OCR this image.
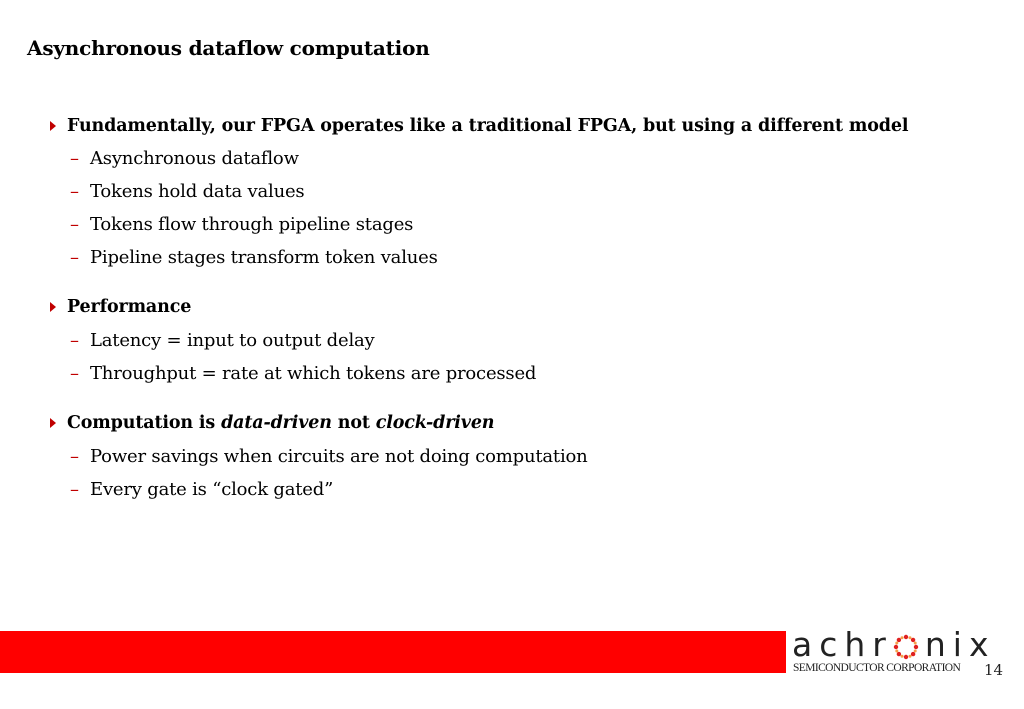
Asynchronous dataflow computation
Fundamentally, our FPGA operates like a traditional FPGA, but using a different model
– Asynchronous dataflow
– Tokens hold data values
– Tokens flow through pipeline stages
– Pipeline stages transform token values
Performance
– Latency = input to output delay
– Throughput = rate at which tokens are processed
Computation is data-driven not clock-driven
– Power savings when circuits are not doing computation
– Every gate is “clock gated”
achr nix
SEMICONDUCTOR CORPORATION 14
